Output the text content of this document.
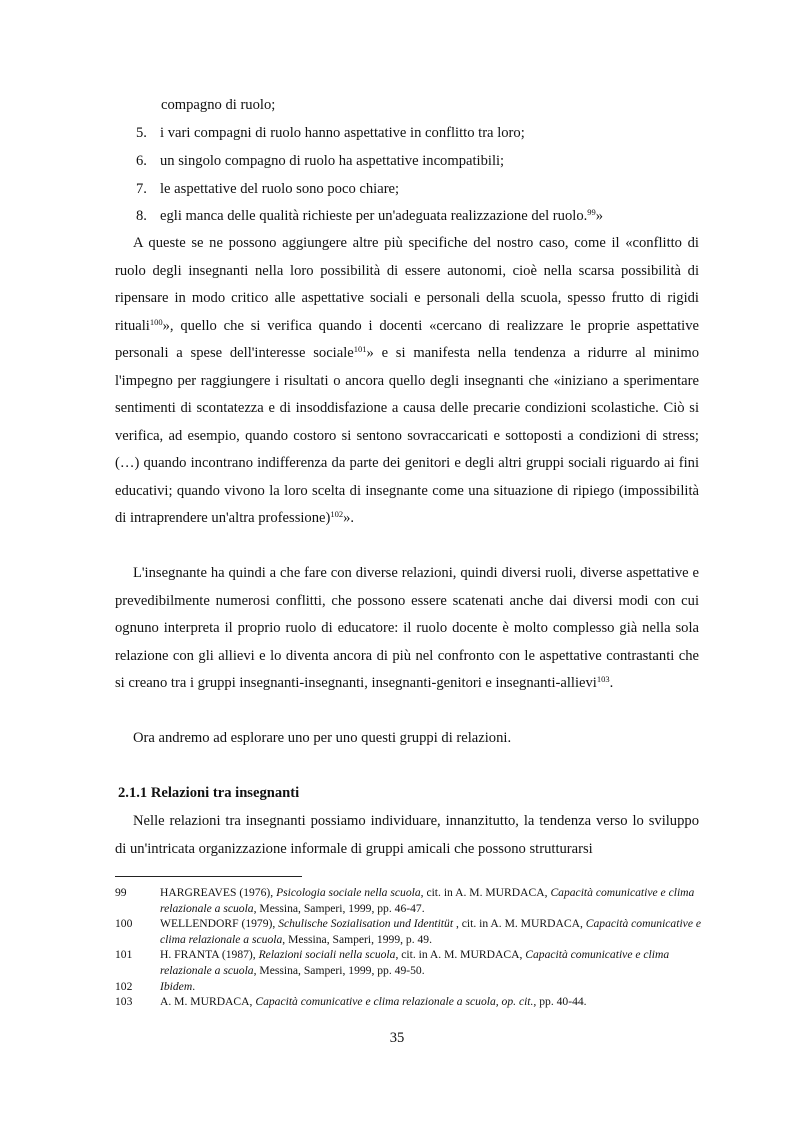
compagno di ruolo;
5. i vari compagni di ruolo hanno aspettative in conflitto tra loro;
6. un singolo compagno di ruolo ha aspettative incompatibili;
7. le aspettative del ruolo sono poco chiare;
8. egli manca delle qualità richieste per un'adeguata realizzazione del ruolo.$^{99}$»

A queste se ne possono aggiungere altre più specifiche del nostro caso, come il «conflitto di ruolo degli insegnanti nella loro possibilità di essere autonomi, cioè nella scarsa possibilità di ripensare in modo critico alle aspettative sociali e personali della scuola, spesso frutto di rigidi rituali$^{100}$», quello che si verifica quando i docenti «cercano di realizzare le proprie aspettative personali a spese dell'interesse sociale$^{101}$» e si manifesta nella tendenza a ridurre al minimo l'impegno per raggiungere i risultati o ancora quello degli insegnanti che «iniziano a sperimentare sentimenti di scontatezza e di insoddisfazione a causa delle precarie condizioni scolastiche. Ciò si verifica, ad esempio, quando costoro si sentono sovraccaricati e sottoposti a condizioni di stress; (…) quando incontrano indifferenza da parte dei genitori e degli altri gruppi sociali riguardo ai fini educativi; quando vivono la loro scelta di insegnante come una situazione di ripiego (impossibilità di intraprendere un'altra professione)$^{102}$».

L'insegnante ha quindi a che fare con diverse relazioni, quindi diversi ruoli, diverse aspettative e prevedibilmente numerosi conflitti, che possono essere scatenati anche dai diversi modi con cui ognuno interpreta il proprio ruolo di educatore: il ruolo docente è molto complesso già nella sola relazione con gli allievi e lo diventa ancora di più nel confronto con le aspettative contrastanti che si creano tra i gruppi insegnanti-insegnanti, insegnanti-genitori e insegnanti-allievi$^{103}$.

Ora andremo ad esplorare uno per uno questi gruppi di relazioni.

2.1.1 Relazioni tra insegnanti

Nelle relazioni tra insegnanti possiamo individuare, innanzitutto, la tendenza verso lo sviluppo di un'intricata organizzazione informale di gruppi amicali che possono strutturarsi

99	HARGREAVES (1976), Psicologia sociale nella scuola, cit. in A. M. MURDACA, Capacità comunicative e clima relazionale a scuola, Messina, Samperi, 1999, pp. 46-47.
100 WELLENDORF (1979), Schulische Sozialisation und Identitüt , cit. in A. M. MURDACA, Capacità comunicative e clima relazionale a scuola, Messina, Samperi, 1999, p. 49.
101 H. FRANTA (1987), Relazioni sociali nella scuola, cit. in A. M. MURDACA, Capacità comunicative e clima relazionale a scuola, Messina, Samperi, 1999, pp. 49-50.
102 Ibidem.
103 A. M. MURDACA, Capacità comunicative e clima relazionale a scuola, op. cit., pp. 40-44.
35
